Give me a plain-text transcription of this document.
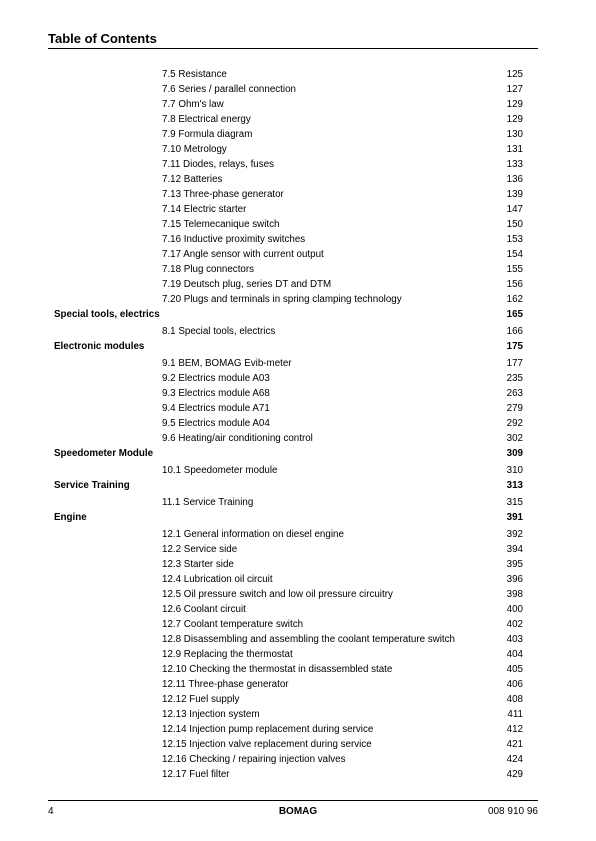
Table of Contents
7.5 Resistance	125
7.6 Series / parallel connection	127
7.7 Ohm's law	129
7.8 Electrical energy	129
7.9 Formula diagram	130
7.10 Metrology	131
7.11 Diodes, relays, fuses	133
7.12 Batteries	136
7.13 Three-phase generator	139
7.14 Electric starter	147
7.15 Telemecanique switch	150
7.16 Inductive proximity switches	153
7.17 Angle sensor with current output	154
7.18 Plug connectors	155
7.19 Deutsch plug, series DT and DTM	156
7.20 Plugs and terminals in spring clamping technology	162
Special tools, electrics	165
8.1 Special tools, electrics	166
Electronic modules	175
9.1 BEM, BOMAG Evib-meter	177
9.2 Electrics module A03	235
9.3 Electrics module A68	263
9.4 Electrics module A71	279
9.5 Electrics module A04	292
9.6 Heating/air conditioning control	302
Speedometer Module	309
10.1 Speedometer module	310
Service Training	313
11.1 Service Training	315
Engine	391
12.1 General information on diesel engine	392
12.2 Service side	394
12.3 Starter side	395
12.4 Lubrication oil circuit	396
12.5 Oil pressure switch and low oil pressure circuitry	398
12.6 Coolant circuit	400
12.7 Coolant temperature switch	402
12.8 Disassembling and assembling the coolant temperature switch	403
12.9 Replacing the thermostat	404
12.10 Checking the thermostat in disassembled state	405
12.11 Three-phase generator	406
12.12 Fuel supply	408
12.13 Injection system	411
12.14 Injection pump replacement during service	412
12.15 Injection valve replacement during service	421
12.16 Checking / repairing injection valves	424
12.17 Fuel filter	429
4	BOMAG	008 910 96
